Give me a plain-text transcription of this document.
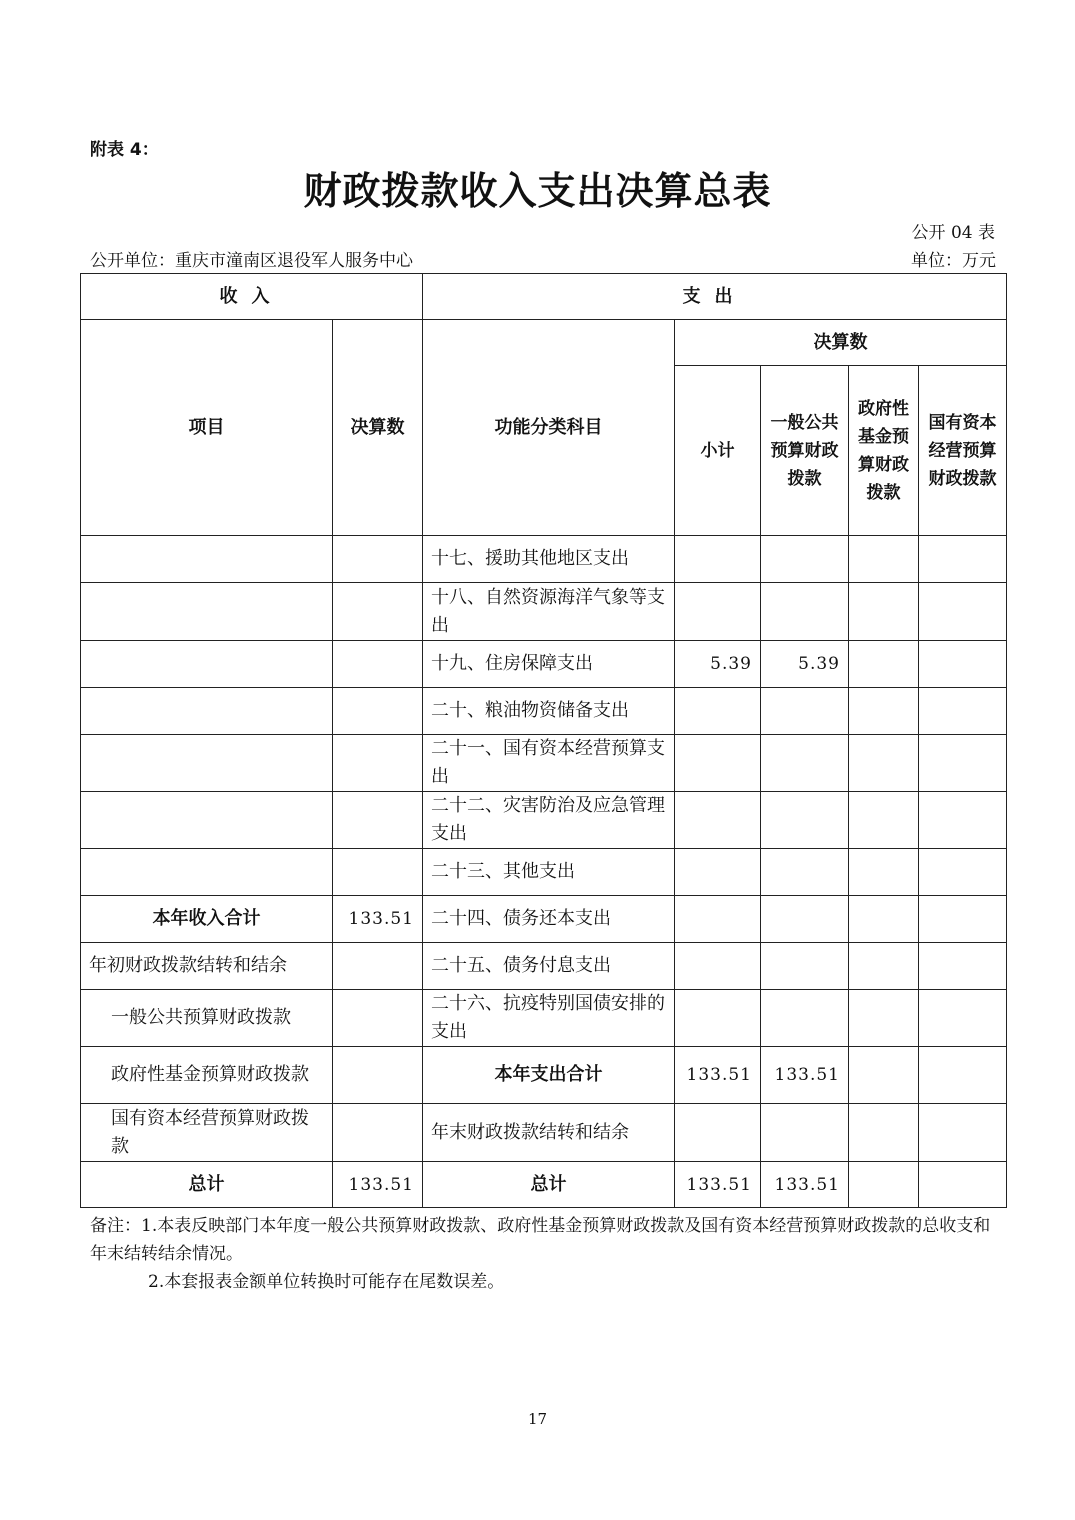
附表 4：
财政拨款收入支出决算总表
公开 04 表
公开单位：重庆市潼南区退役军人服务中心	单位：万元
收入		支出				
项目	决算数	功能分类科目	决算数			
			小计	一般公共预算财政拨款	政府性基金预算财政拨款	国有资本经营预算财政拨款
		十七、援助其他地区支出				
		十八、自然资源海洋气象等支出				
		十九、住房保障支出	5.39	5.39		
		二十、粮油物资储备支出				
		二十一、国有资本经营预算支出				
		二十二、灾害防治及应急管理支出				
		二十三、其他支出				
本年收入合计	133.51	二十四、债务还本支出				
年初财政拨款结转和结余		二十五、债务付息支出				
一般公共预算财政拨款		二十六、抗疫特别国债安排的支出				
政府性基金预算财政拨款		本年支出合计	133.51	133.51		
国有资本经营预算财政拨款		年末财政拨款结转和结余				
总计	133.51	总计	133.51	133.51		
备注：1.本表反映部门本年度一般公共预算财政拨款、政府性基金预算财政拨款及国有资本经营预算财政拨款的总收支和年末结转结余情况。
2.本套报表金额单位转换时可能存在尾数误差。
17
